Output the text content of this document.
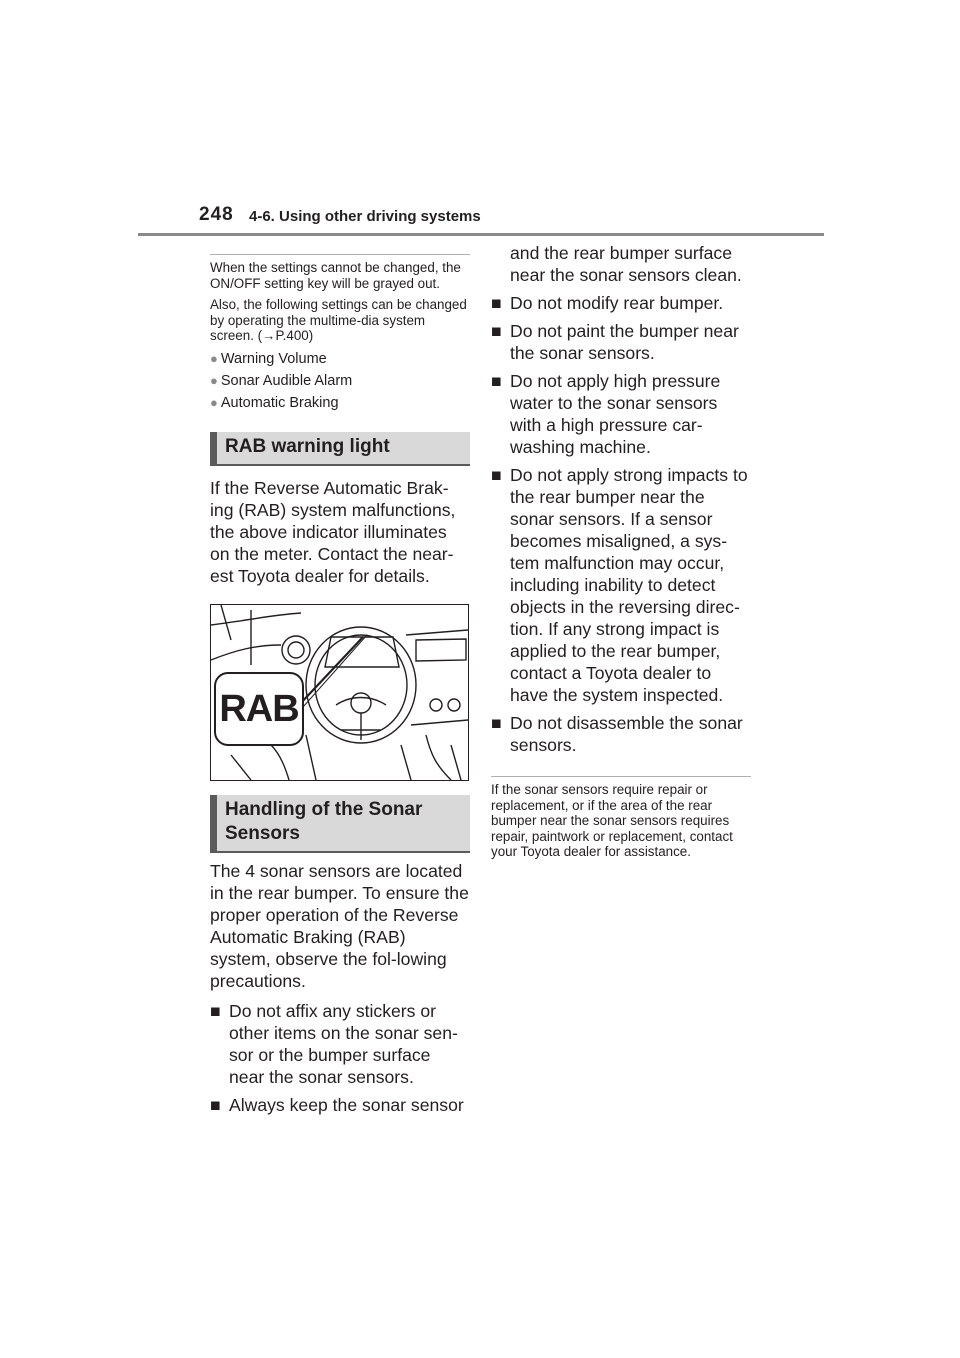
248 4-6. Using other driving systems

When the settings cannot be changed, the ON/OFF setting key will be grayed out.

Also, the following settings can be changed by operating the multime-dia system screen. (→P.400)

● Warning Volume

● Sonar Audible Alarm

● Automatic Braking

RAB warning light

If the Reverse Automatic Brak-ing (RAB) system malfunctions, the above indicator illuminates on the meter. Contact the near-est Toyota dealer for details.

RAB
Handling of the Sonar Sensors

The 4 sonar sensors are located in the rear bumper. To ensure the proper operation of the Reverse Automatic Braking (RAB) system, observe the fol-lowing precautions.

■ Do not affix any stickers or other items on the sonar sen-sor or the bumper surface near the sonar sensors.

■ Always keep the sonar sensor

and the rear bumper surface near the sonar sensors clean.

■ Do not modify rear bumper.

■ Do not paint the bumper near the sonar sensors.

■ Do not apply high pressure water to the sonar sensors with a high pressure car-washing machine.

■ Do not apply strong impacts to the rear bumper near the sonar sensors. If a sensor becomes misaligned, a sys-tem malfunction may occur, including inability to detect objects in the reversing direc-tion. If any strong impact is applied to the rear bumper, contact a Toyota dealer to have the system inspected.

■ Do not disassemble the sonar sensors.

If the sonar sensors require repair or replacement, or if the area of the rear bumper near the sonar sensors requires repair, paintwork or replacement, contact your Toyota dealer for assistance.
